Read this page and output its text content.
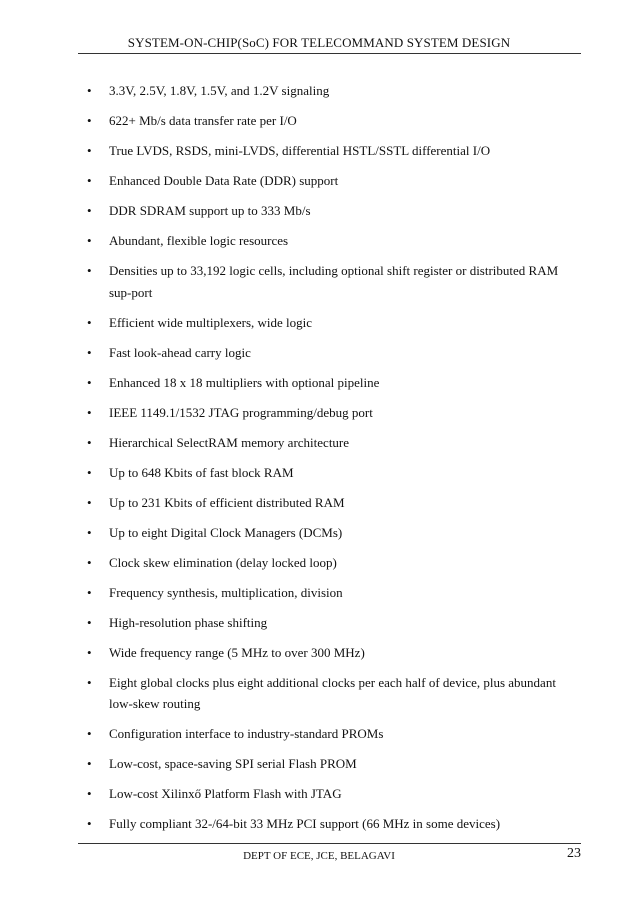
SYSTEM-ON-CHIP(SoC) FOR TELECOMMAND SYSTEM DESIGN
• 3.3V, 2.5V, 1.8V, 1.5V, and 1.2V signaling
• 622+ Mb/s data transfer rate per I/O
• True LVDS, RSDS, mini-LVDS, differential HSTL/SSTL differential I/O
• Enhanced Double Data Rate (DDR) support
• DDR SDRAM support up to 333 Mb/s
• Abundant, flexible logic resources
• Densities up to 33,192 logic cells, including optional shift register or distributed RAM sup-port
• Efficient wide multiplexers, wide logic
• Fast look-ahead carry logic
• Enhanced 18 x 18 multipliers with optional pipeline
• IEEE 1149.1/1532 JTAG programming/debug port
• Hierarchical SelectRAM memory architecture
• Up to 648 Kbits of fast block RAM
• Up to 231 Kbits of efficient distributed RAM
• Up to eight Digital Clock Managers (DCMs)
• Clock skew elimination (delay locked loop)
• Frequency synthesis, multiplication, division
• High-resolution phase shifting
• Wide frequency range (5 MHz to over 300 MHz)
• Eight global clocks plus eight additional clocks per each half of device, plus abundant low-skew routing
• Configuration interface to industry-standard PROMs
• Low-cost, space-saving SPI serial Flash PROM
• Low-cost Xilinxő Platform Flash with JTAG
• Fully compliant 32-/64-bit 33 MHz PCI support (66 MHz in some devices)
DEPT OF ECE, JCE, BELAGAVI	23
